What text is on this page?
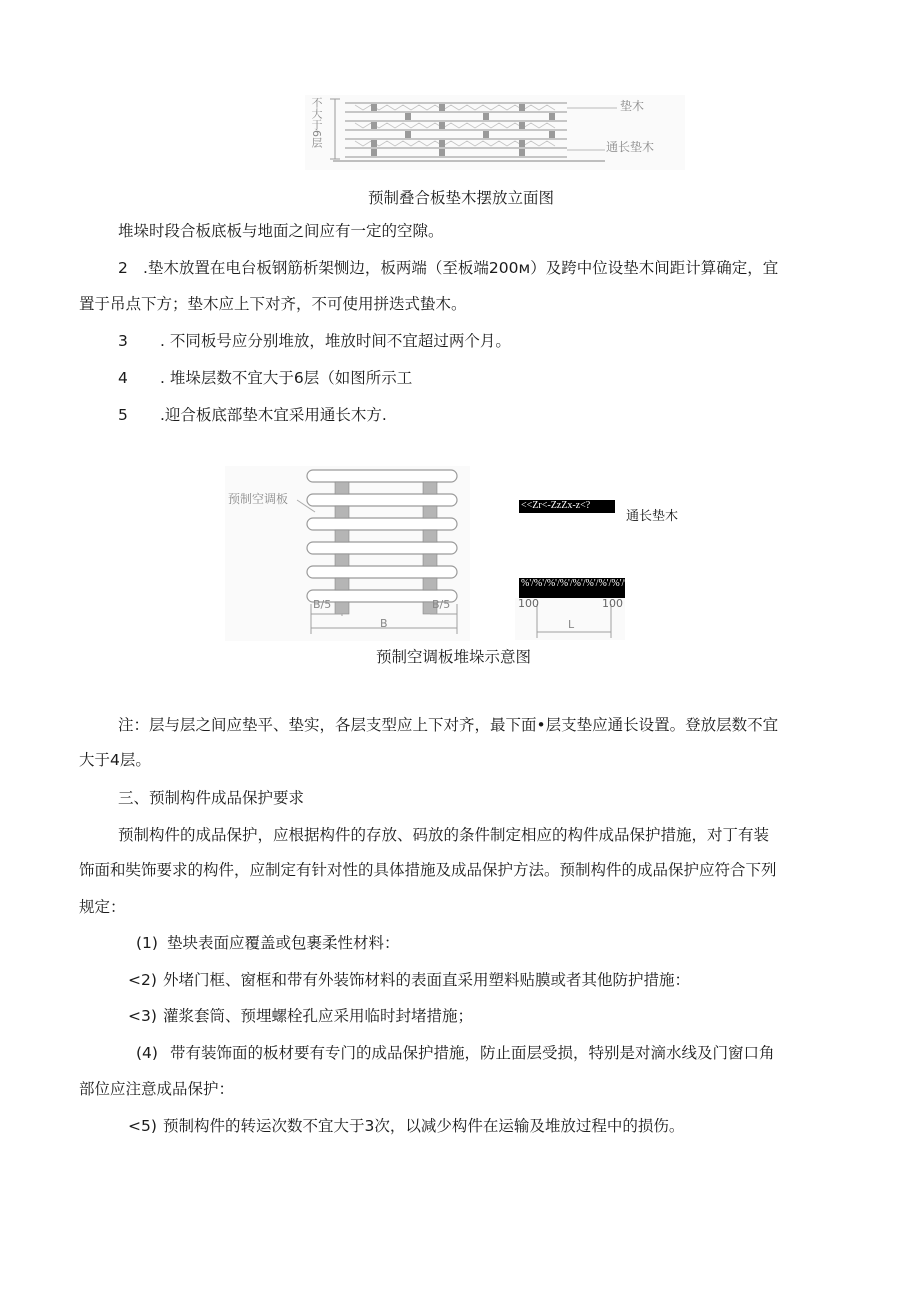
不大于6层	垫木
通长垫木
预制叠合板垫木摆放立面图
堆垛时段合板底板与地面之间应有一定的空隙。
2 .垫木放置在电台板钢筋析架恻边，板两端（至板端200м）及跨中位设垫木间距计算确定，宜
置于吊点下方；垫木应上下对齐，不可使用拼迭式蛰木。
3 . 不同板号应分别堆放，堆放时间不宜超过两个月。
4 . 堆垛层数不宜大于6层（如图所示工
5 .迎合板底部垫木宜采用通长木方.
预制空调板
B/5	B/5
B
<<Zr<-ZzZx-z<?
通长垫木
%'/%'/%'/%'/%'/%'/%'/%'/%'/%'/%'/%'
100	100
L
预制空调板堆垛示意图
注：层与层之间应垫平、垫实，各层支型应上下对齐，最下面•层支垫应通长设置。登放层数不宜
大于4层。
三、预制构件成品保护要求
预制构件的成品保护，应根据构件的存放、码放的条件制定相应的构件成品保护措施，对丁有装
饰面和奘饰要求的构件，应制定有针对性的具体措施及成品保护方法。预制构件的成品保护应符合下列
规定：
(1) 垫块表面应覆盖或包裹柔性材料：
<2) 外堵门框、窗框和带有外装饰材料的表面直采用塑料贴膜或者其他防护措施：
<3) 灌浆套筒、预埋螺栓孔应采用临时封堵措施；
(4) 带有装饰面的板材要有专门的成品保护措施，防止面层受损，特别是对滴水线及门窗口角
部位应注意成品保护：
<5) 预制构件的转运次数不宜大于3次，以减少构件在运输及堆放过程中的损伤。
